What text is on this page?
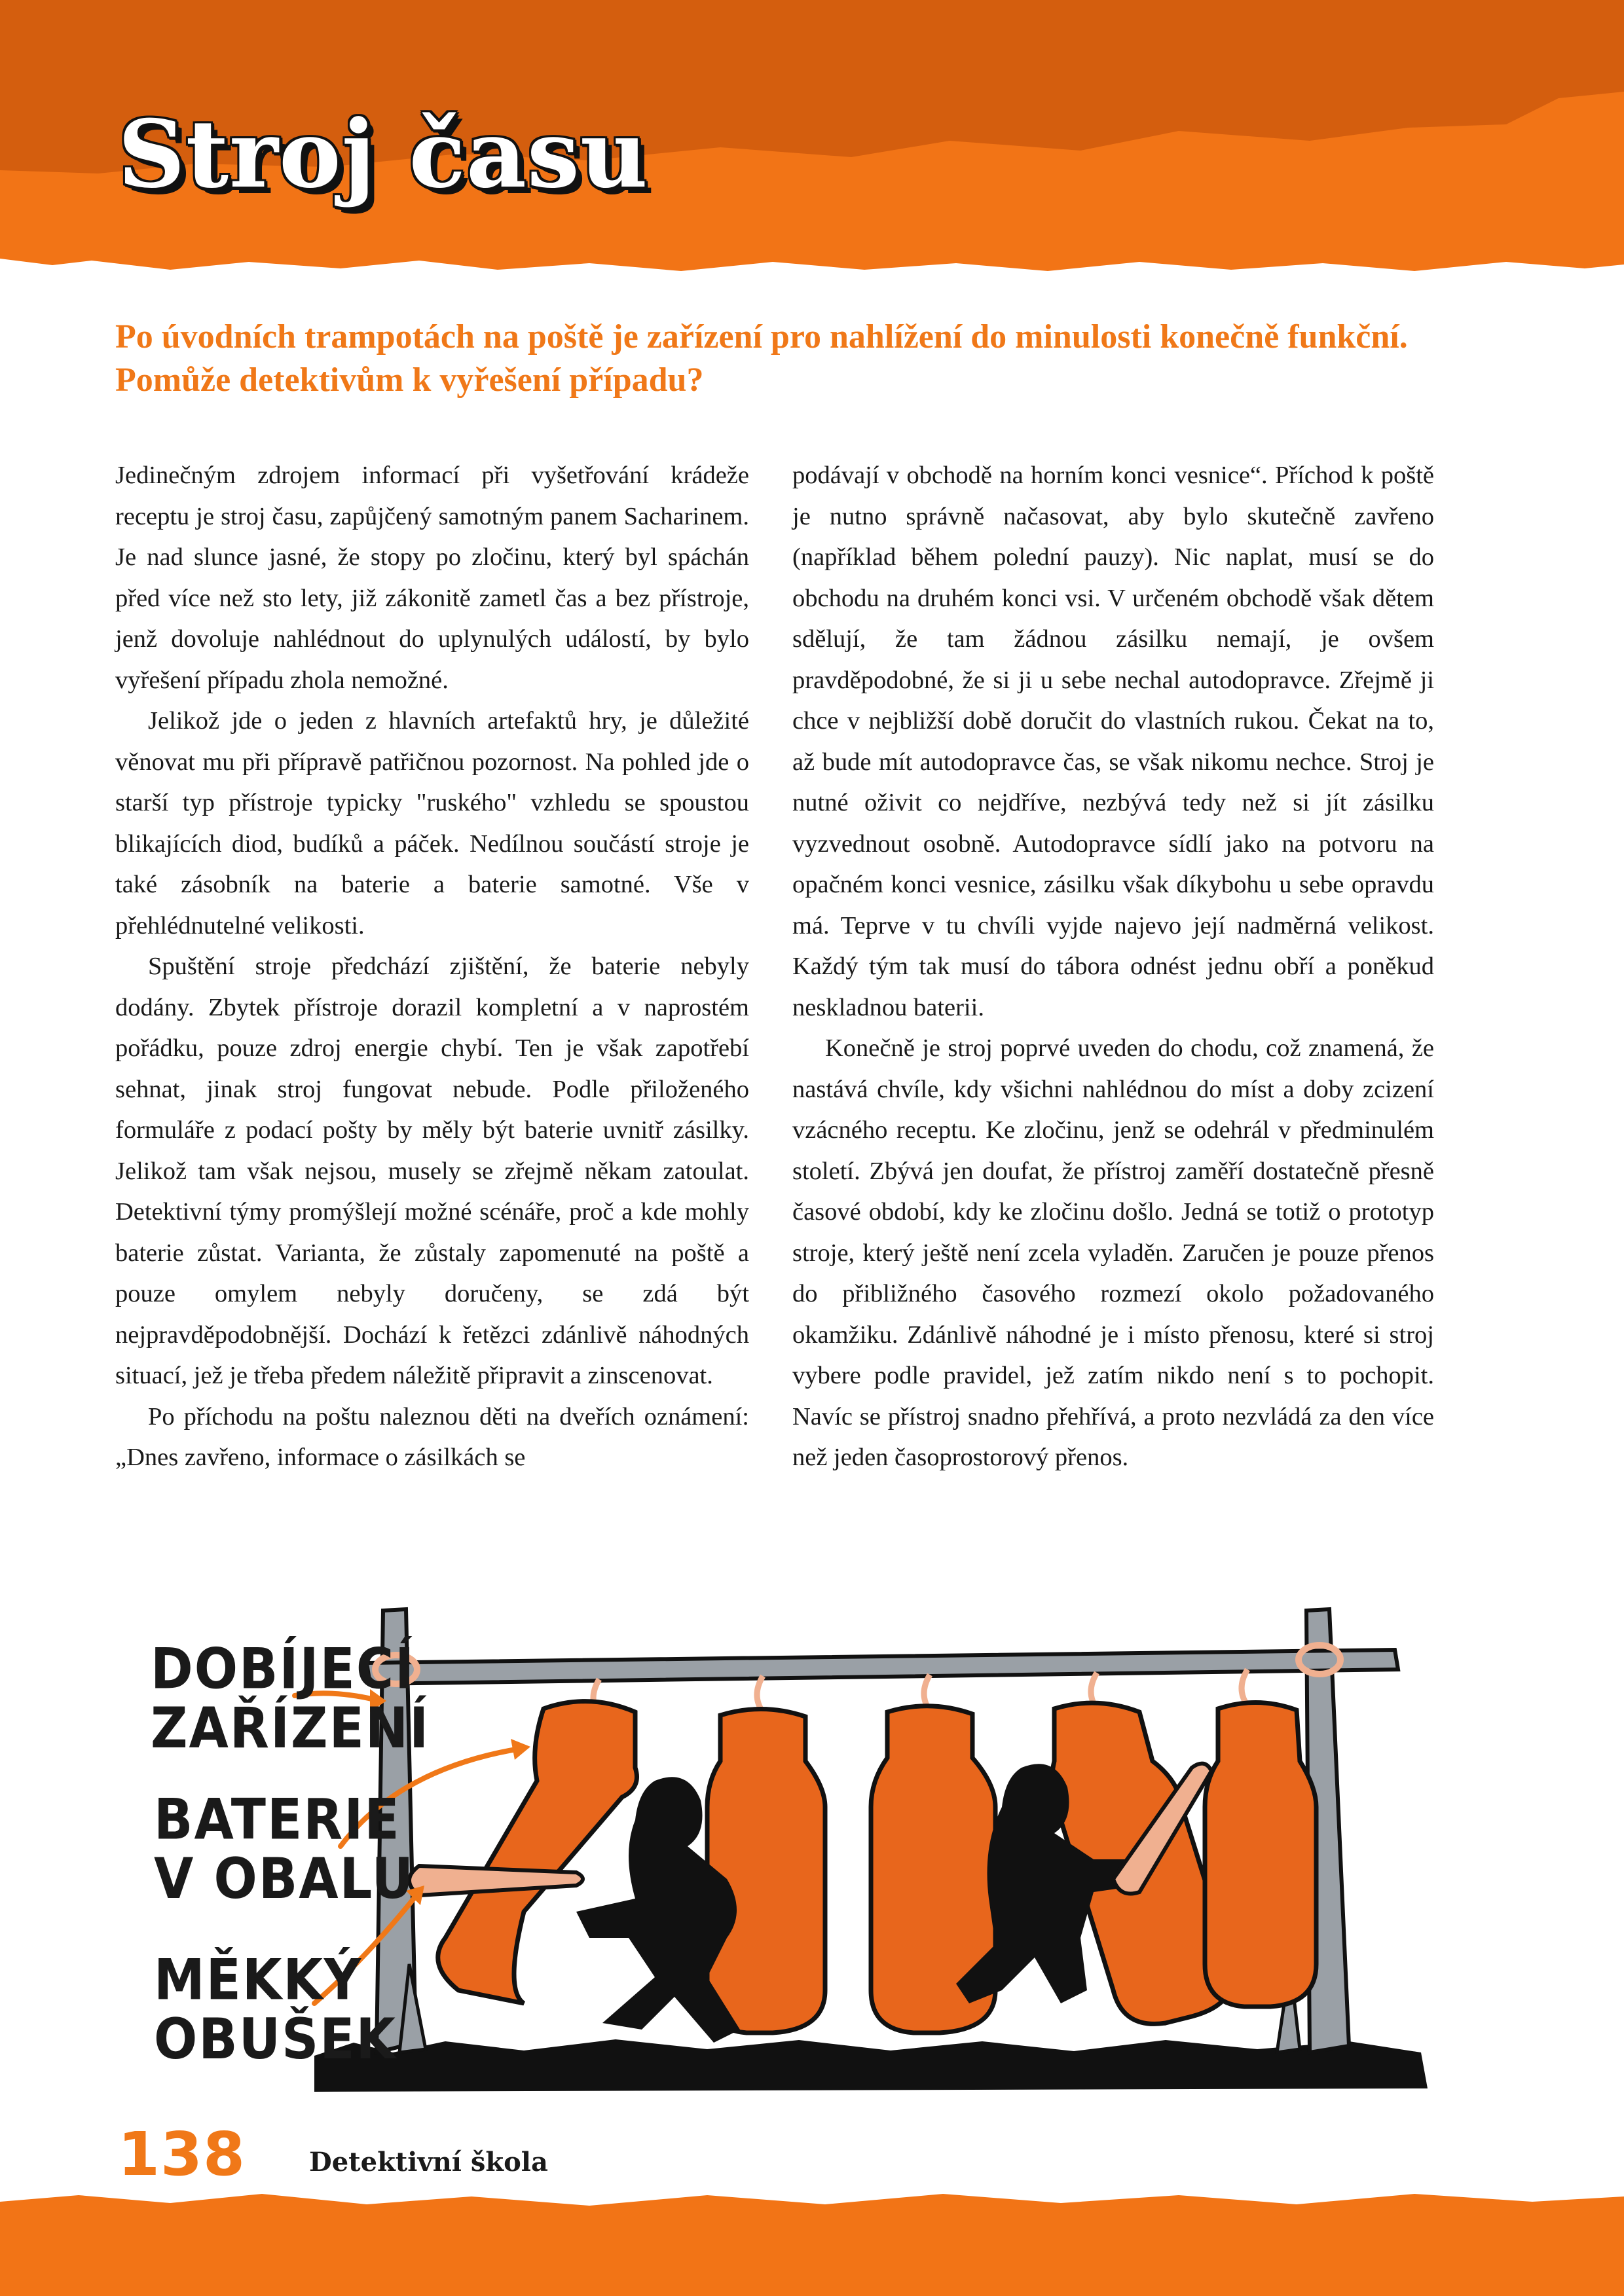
Stroj času

Po úvodních trampotách na poště je zařízení pro nahlížení do minulosti konečně funkční. Pomůže detektivům k vyřešení případu?

Jedinečným zdrojem informací při vyšetřování krádeže receptu je stroj času, zapůjčený samotným panem Sacharinem. Je nad slunce jasné, že stopy po zločinu, který byl spáchán před více než sto lety, již zákonitě zametl čas a bez přístroje, jenž dovoluje nahlédnout do uplynulých událostí, by bylo vyřešení případu zhola nemožné.

Jelikož jde o jeden z hlavních artefaktů hry, je důležité věnovat mu při přípravě patřičnou pozornost. Na pohled jde o starší typ přístroje typicky "ruského" vzhledu se spoustou blikajících diod, budíků a páček. Nedílnou součástí stroje je také zásobník na baterie a baterie samotné. Vše v přehlédnutelné velikosti.

Spuštění stroje předchází zjištění, že baterie nebyly dodány. Zbytek přístroje dorazil kompletní a v naprostém pořádku, pouze zdroj energie chybí. Ten je však zapotřebí sehnat, jinak stroj fungovat nebude. Podle přiloženého formuláře z podací pošty by měly být baterie uvnitř zásilky. Jelikož tam však nejsou, musely se zřejmě někam zatoulat. Detektivní týmy promýšlejí možné scénáře, proč a kde mohly baterie zůstat. Varianta, že zůstaly zapomenuté na poště a pouze omylem nebyly doručeny, se zdá být nejpravděpodobnější. Dochází k řetězci zdánlivě náhodných situací, jež je třeba předem náležitě připravit a zinscenovat.

Po příchodu na poštu naleznou děti na dveřích oznámení: „Dnes zavřeno, informace o zásilkách se

podávají v obchodě na horním konci vesnice“. Příchod k poště je nutno správně načasovat, aby bylo skutečně zavřeno (například během polední pauzy). Nic naplat, musí se do obchodu na druhém konci vsi. V určeném obchodě však dětem sdělují, že tam žádnou zásilku nemají, je ovšem pravděpodobné, že si ji u sebe nechal autodopravce. Zřejmě ji chce v nejbližší době doručit do vlastních rukou. Čekat na to, až bude mít autodopravce čas, se však nikomu nechce. Stroj je nutné oživit co nejdříve, nezbývá tedy než si jít zásilku vyzvednout osobně. Autodopravce sídlí jako na potvoru na opačném konci vesnice, zásilku však díkybohu u sebe opravdu má. Teprve v tu chvíli vyjde najevo její nadměrná velikost. Každý tým tak musí do tábora odnést jednu obří a poněkud neskladnou baterii.

Konečně je stroj poprvé uveden do chodu, což znamená, že nastává chvíle, kdy všichni nahlédnou do míst a doby zcizení vzácného receptu. Ke zločinu, jenž se odehrál v předminulém století. Zbývá jen doufat, že přístroj zaměří dostatečně přesně časové období, kdy ke zločinu došlo. Jedná se totiž o prototyp stroje, který ještě není zcela vyladěn. Zaručen je pouze přenos do přibližného časového rozmezí okolo požadovaného okamžiku. Zdánlivě náhodné je i místo přenosu, které si stroj vybere podle pravidel, jež zatím nikdo není s to pochopit. Navíc se přístroj snadno přehřívá, a proto nezvládá za den více než jeden časoprostorový přenos.

DOBÍJECÍ
ZAŘÍZENÍ
BATERIE
V OBALU
MĚKKÝ
OBUŠEK

138 Detektivní škola
